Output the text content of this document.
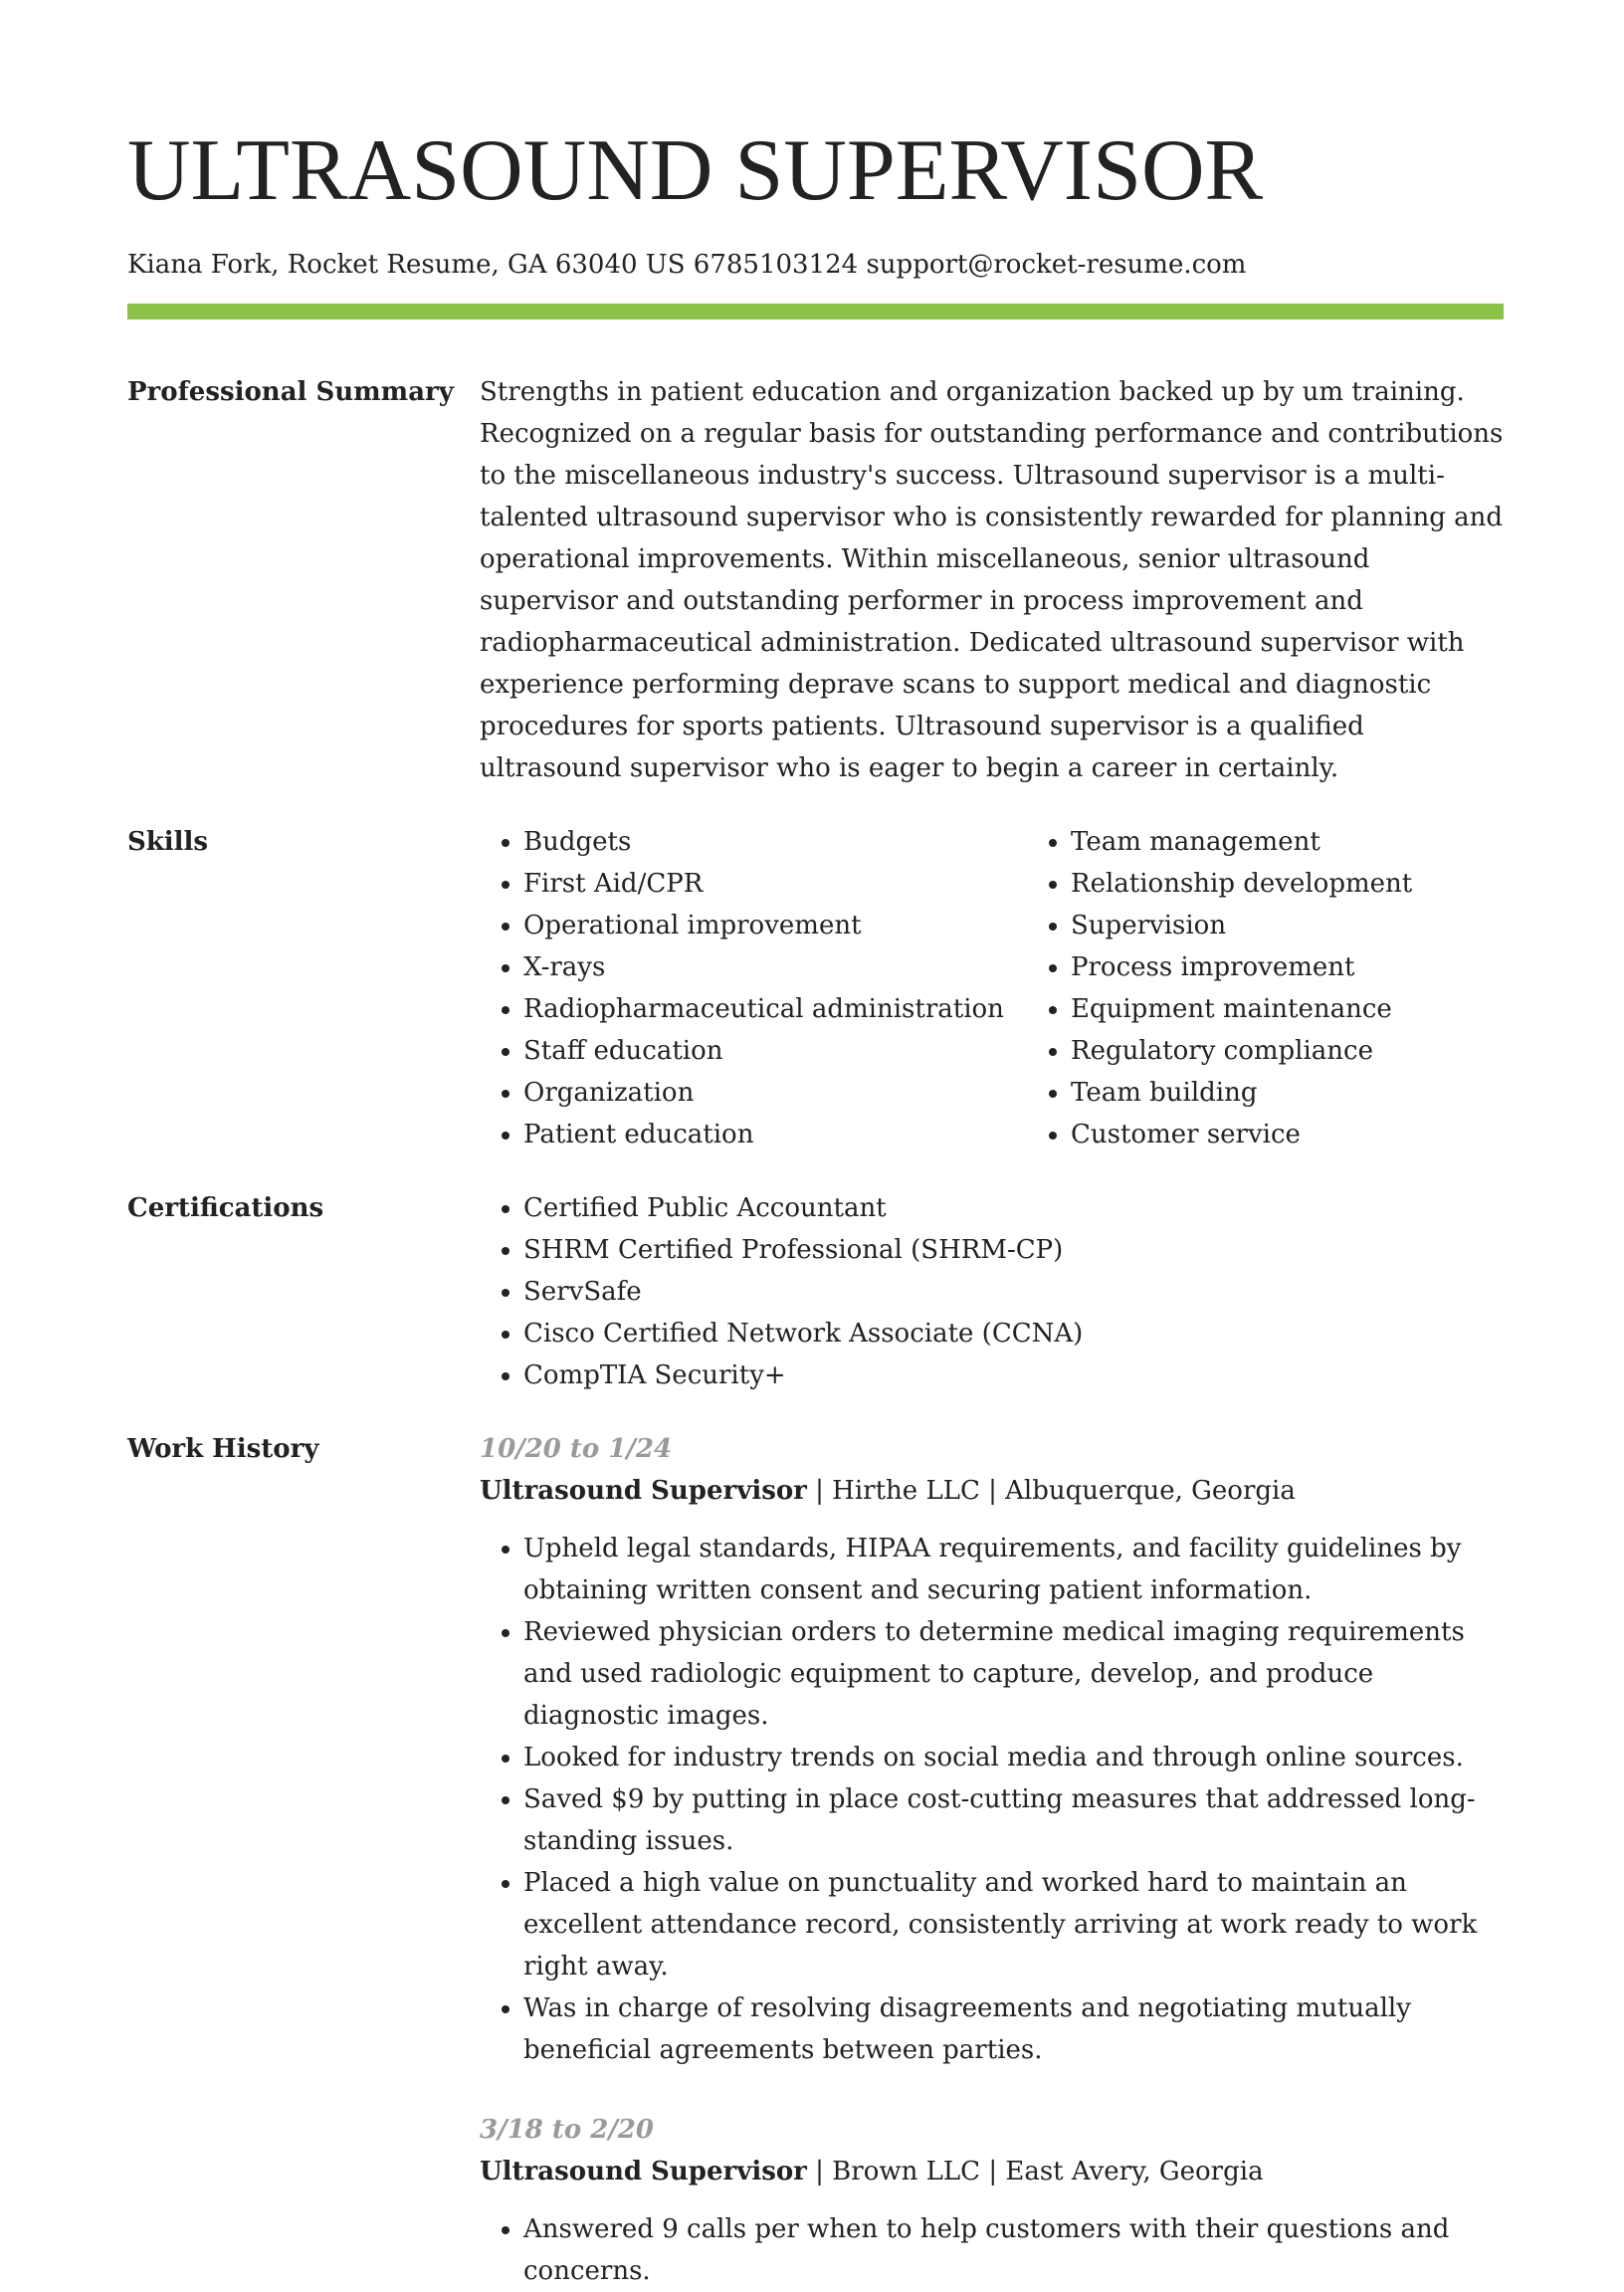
ULTRASOUND SUPERVISOR
Kiana Fork, Rocket Resume, GA 63040 US 6785103124 support@rocket-resume.com
Professional Summary	Strengths in patient education and organization backed up by um training. Recognized on a regular basis for outstanding performance and contributions to the miscellaneous industry's success. Ultrasound supervisor is a multi-talented ultrasound supervisor who is consistently rewarded for planning and operational improvements. Within miscellaneous, senior ultrasound supervisor and outstanding performer in process improvement and radiopharmaceutical administration. Dedicated ultrasound supervisor with experience performing deprave scans to support medical and diagnostic procedures for sports patients. Ultrasound supervisor is a qualified ultrasound supervisor who is eager to begin a career in certainly.

Skills	• Budgets
• First Aid/CPR
• Operational improvement
• X-rays
• Radiopharmaceutical administration
• Staff education
• Organization
• Patient education
• Team management
• Relationship development
• Supervision
• Process improvement
• Equipment maintenance
• Regulatory compliance
• Team building
• Customer service
Certifications	• Certified Public Accountant
• SHRM Certified Professional (SHRM-CP)
• ServSafe
• Cisco Certified Network Associate (CCNA)
• CompTIA Security+
Work History	10/20 to 1/24
Ultrasound Supervisor | Hirthe LLC | Albuquerque, Georgia
• Upheld legal standards, HIPAA requirements, and facility guidelines by obtaining written consent and securing patient information.
• Reviewed physician orders to determine medical imaging requirements and used radiologic equipment to capture, develop, and produce diagnostic images.
• Looked for industry trends on social media and through online sources.
• Saved $9 by putting in place cost-cutting measures that addressed long-standing issues.
• Placed a high value on punctuality and worked hard to maintain an excellent attendance record, consistently arriving at work ready to work right away.
• Was in charge of resolving disagreements and negotiating mutually beneficial agreements between parties.
3/18 to 2/20
Ultrasound Supervisor | Brown LLC | East Avery, Georgia
• Answered 9 calls per when to help customers with their questions and concerns.
